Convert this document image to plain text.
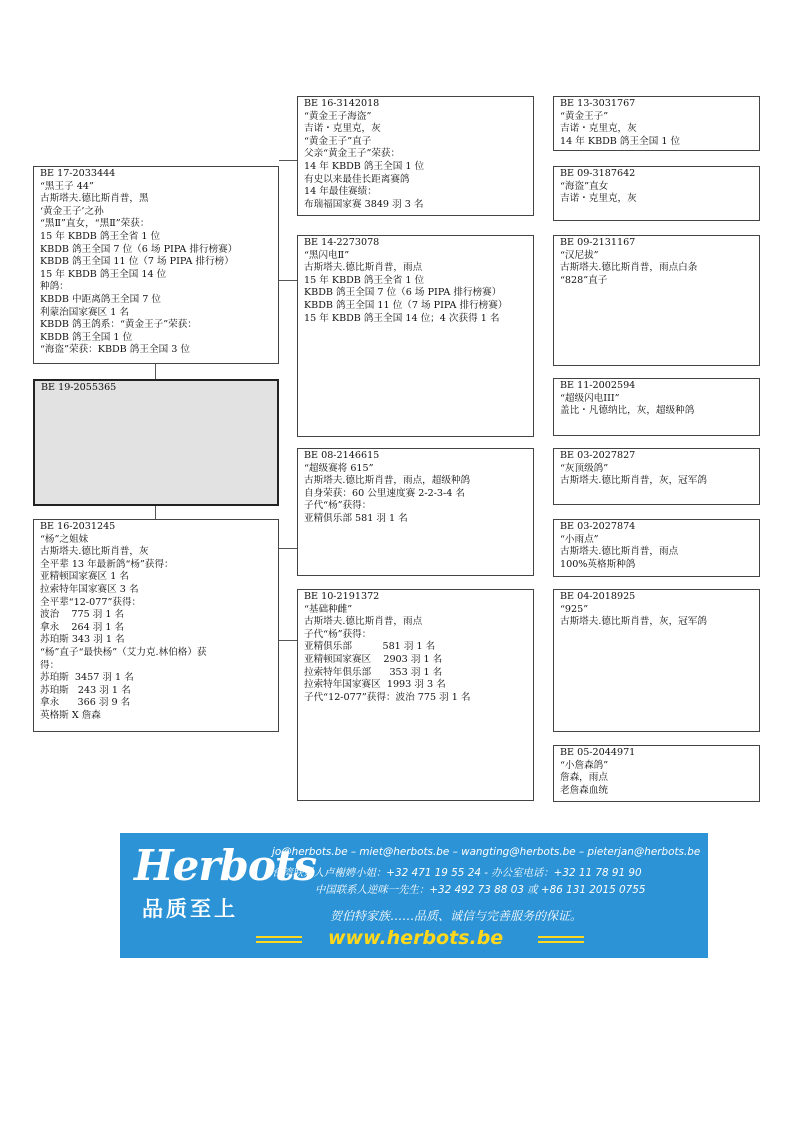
BE 17-2033444
“黑王子 44”
古斯塔夫.德比斯肖普，黑
‘黄金王子’之孙
“黑Ⅱ”直女，“黑Ⅱ”荣获：
15 年 KBDB 鸽王全省 1 位
KBDB 鸽王全国 7 位（6 场 PIPA 排行榜赛）
KBDB 鸽王全国 11 位（7 场 PIPA 排行榜）
15 年 KBDB 鸽王全国 14 位
种鸽：
KBDB 中距离鸽王全国 7 位
利蒙治国家赛区 1 名
KBDB 鸽王鸽系：“黄金王子”荣获：
KBDB 鸽王全国 1 位
“海盗”荣获：KBDB 鸽王全国 3 位
BE 19-2055365
BE 16-2031245
“杨”之姐妹
古斯塔夫.德比斯肖普，灰
全平辈 13 年最新鸽“杨”获得：
亚精顿国家赛区 1 名
拉索特年国家赛区 3 名
全平辈“12-077”获得：
波治    775 羽 1 名
拿永    264 羽 1 名
苏珀斯 343 羽 1 名
“杨”直子“最快杨”（艾力克.林伯格）获
得：
苏珀斯  3457 羽 1 名
苏珀斯   243 羽 1 名
拿永      366 羽 9 名
英格斯 X 詹森
BE 16-3142018
“黄金王子海盗”
吉诺・克里克，灰
“黄金王子”直子
父亲“黄金王子”荣获：
14 年 KBDB 鸽王全国 1 位
有史以来最佳长距离赛鸽
14 年最佳赛绩：
布瑞福国家赛 3849 羽 3 名
BE 14-2273078
“黑闪电Ⅱ”
古斯塔夫.德比斯肖普，雨点
15 年 KBDB 鸽王全省 1 位
KBDB 鸽王全国 7 位（6 场 PIPA 排行榜赛）
KBDB 鸽王全国 11 位（7 场 PIPA 排行榜赛）
15 年 KBDB 鸽王全国 14 位；4 次获得 1 名
BE 08-2146615
“超级赛将 615”
古斯塔夫.德比斯肖普，雨点，超级种鸽
自身荣获：60 公里速度赛 2-2-3-4 名
子代“杨”获得：
亚精俱乐部 581 羽 1 名
BE 10-2191372
“基础种雌”
古斯塔夫.德比斯肖普，雨点
子代“杨”获得：
亚精俱乐部          581 羽 1 名
亚精顿国家赛区    2903 羽 1 名
拉索特年俱乐部      353 羽 1 名
拉索特年国家赛区  1993 羽 3 名
子代“12-077”获得：波治 775 羽 1 名
BE 13-3031767
“黄金王子”
吉诺・克里克，灰
14 年 KBDB 鸽王全国 1 位
BE 09-3187642
“海盗”直女
吉诺・克里克，灰
BE 09-2131167
“汉尼拔”
古斯塔夫.德比斯肖普，雨点白条
“828”直子
BE 11-2002594
“超级闪电III”
盖比・凡德纳比，灰，超级种鸽
BE 03-2027827
“灰顶级鸽”
古斯塔夫.德比斯肖普，灰，冠军鸽
BE 03-2027874
“小雨点”
古斯塔夫.德比斯肖普，雨点
100%英格斯种鸽
BE 04-2018925
“925”
古斯塔夫.德比斯肖普，灰，冠军鸽
BE 05-2044971
“小詹森鸽”
詹森，雨点
老詹森血统
Herbots
品质至上
jo@herbots.be – miet@herbots.be – wangting@herbots.be – pieterjan@herbots.be
台湾联系人卢榭娉小姐：+32 471 19 55 24 - 办公室电话：+32 11 78 91 90
中国联系人逆咪一先生：+32 492 73 88 03 或 +86 131 2015 0755
贺伯特家族……品质、诚信与完善服务的保证。
www.herbots.be
